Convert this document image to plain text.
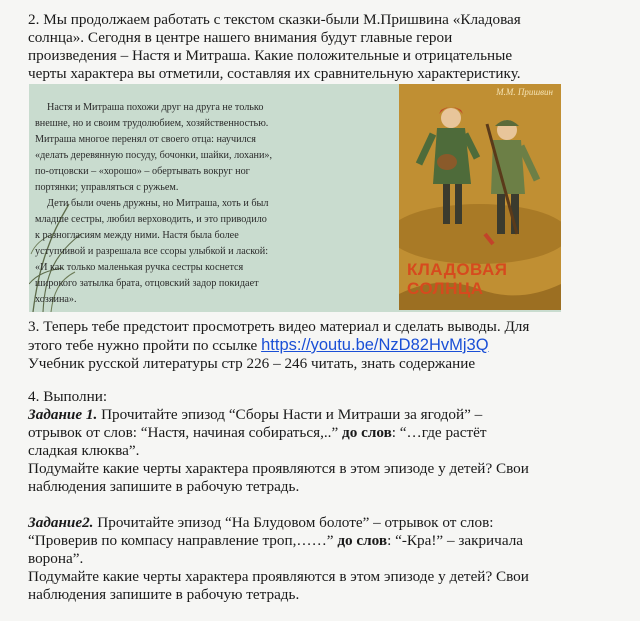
2. Мы продолжаем работать с текстом сказки-были М.Пришвина «Кладовая
солнца». Сегодня в центре нашего внимания будут главные герои
произведения – Настя и Митраша. Какие положительные и отрицательные
черты характера вы отметили, составляя их сравнительную характеристику.

Настя и Митраша похожи друг на друга не только
внешне, но и своим трудолюбием, хозяйственностью.
Митраша многое перенял от своего отца: научился
«делать деревянную посуду, бочонки, шайки, лохани»,
по-отцовски – «хорошо» – обертывать вокруг ног
портянки; управляться с ружьем.
Дети были очень дружны, но Митраша, хоть и был
младше сестры, любил верховодить, и это приводило
к разногласиям между ними. Настя была более
уступчивой и разрешала все ссоры улыбкой и лаской:
«И как только маленькая ручка сестры коснется
широкого затылка брата, отцовский задор покидает
хозяина».
М.М. Пришвин
КЛАДОВАЯ
СОЛНЦА

3. Теперь тебе предстоит просмотреть видео материал и сделать выводы. Для
этого тебе нужно пройти по ссылке https://youtu.be/NzD82HvMj3Q
Учебник русской литературы стр 226 – 246 читать, знать содержание

4. Выполни:
Задание 1. Прочитайте эпизод “Сборы Насти и Митраши за ягодой” –
отрывок от слов: “Настя, начиная собираться,..” до слов: “…где растёт
сладкая клюква”.
Подумайте какие черты характера проявляются в этом эпизоде у детей? Свои
наблюдения запишите в рабочую тетрадь.
Задание2. Прочитайте эпизод “На Блудовом болоте” – отрывок от слов:
“Проверив по компасу направление троп,……” до слов: “-Кра!” – закричала
ворона”.
Подумайте какие черты характера проявляются в этом эпизоде у детей? Свои
наблюдения запишите в рабочую тетрадь.
